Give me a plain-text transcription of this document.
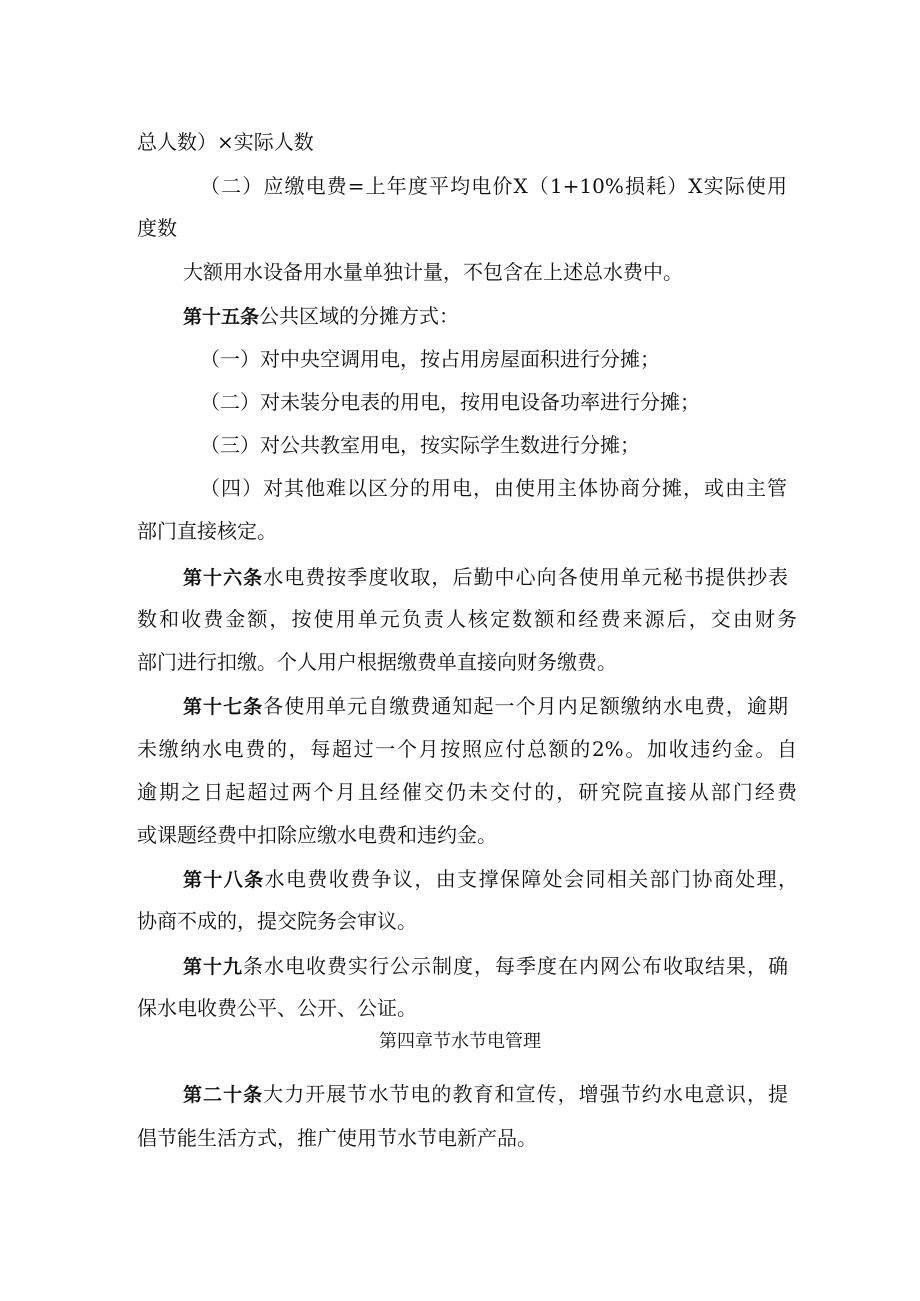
总人数）×实际人数
（二）应缴电费=上年度平均电价X（1+10%损耗）X实际使用
度数
大额用水设备用水量单独计量，不包含在上述总水费中。
第十五条公共区域的分摊方式：
（一）对中央空调用电，按占用房屋面积进行分摊；
（二）对未装分电表的用电，按用电设备功率进行分摊；
（三）对公共教室用电，按实际学生数进行分摊；
（四）对其他难以区分的用电，由使用主体协商分摊，或由主管
部门直接核定。
第十六条水电费按季度收取，后勤中心向各使用单元秘书提供抄表
数和收费金额，按使用单元负责人核定数额和经费来源后，交由财务
部门进行扣缴。个人用户根据缴费单直接向财务缴费。
第十七条各使用单元自缴费通知起一个月内足额缴纳水电费，逾期
未缴纳水电费的，每超过一个月按照应付总额的2%。加收违约金。自
逾期之日起超过两个月且经催交仍未交付的，研究院直接从部门经费
或课题经费中扣除应缴水电费和违约金。
第十八条水电费收费争议，由支撑保障处会同相关部门协商处理，
协商不成的，提交院务会审议。
第十九条水电收费实行公示制度，每季度在内网公布收取结果，确
保水电收费公平、公开、公证。
第四章节水节电管理
第二十条大力开展节水节电的教育和宣传，增强节约水电意识，提
倡节能生活方式，推广使用节水节电新产品。
